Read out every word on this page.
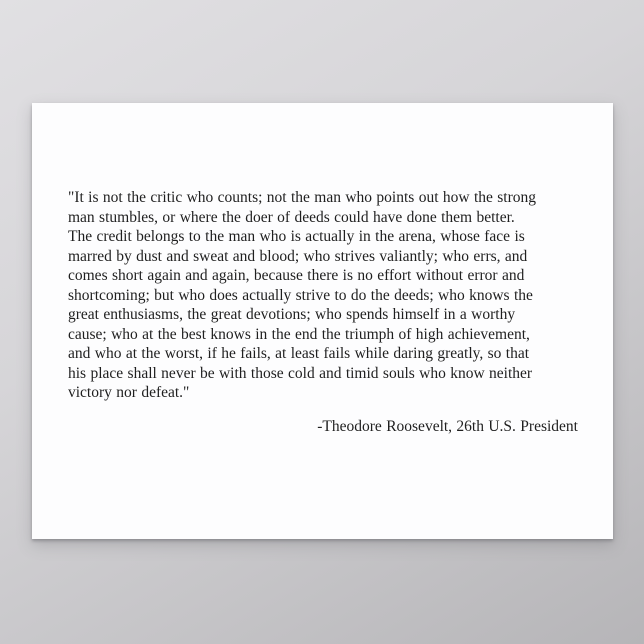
"It is not the critic who counts; not the man who points out how the strong
man stumbles, or where the doer of deeds could have done them better.
The credit belongs to the man who is actually in the arena, whose face is
marred by dust and sweat and blood; who strives valiantly; who errs, and
comes short again and again, because there is no effort without error and
shortcoming; but who does actually strive to do the deeds; who knows the
great enthusiasms, the great devotions; who spends himself in a worthy
cause; who at the best knows in the end the triumph of high achievement,
and who at the worst, if he fails, at least fails while daring greatly, so that
his place shall never be with those cold and timid souls who know neither
victory nor defeat."
-Theodore Roosevelt, 26th U.S. President
